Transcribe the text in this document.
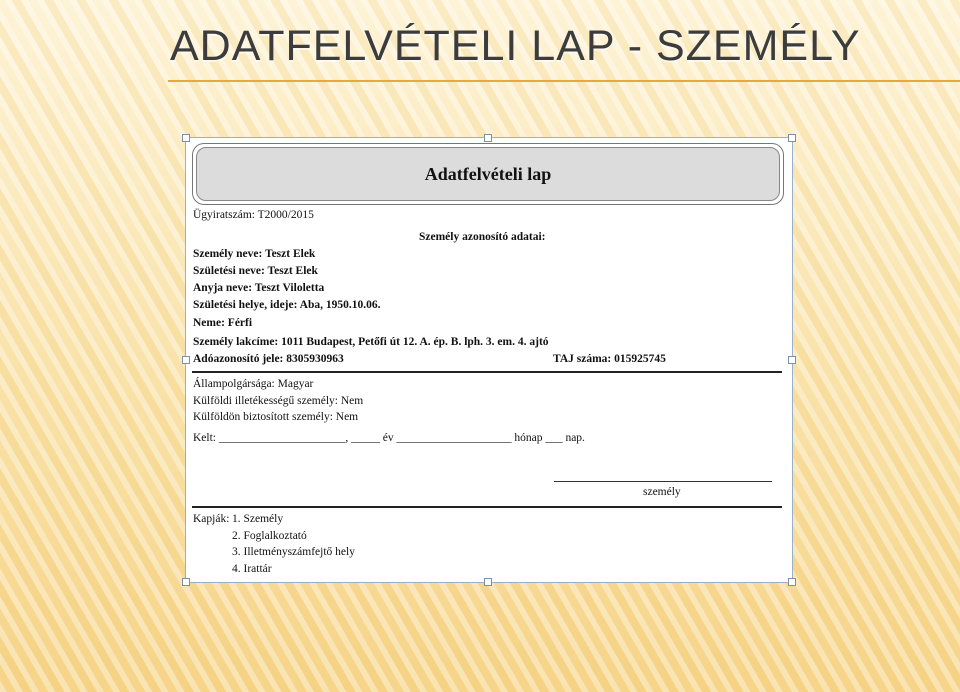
ADATFELVÉTELI LAP - SZEMÉLY
Adatfelvételi lap
Ügyiratszám: T2000/2015
Személy azonosító adatai:
Személy neve: Teszt Elek
Születési neve: Teszt Elek
Anyja neve: Teszt Viloletta
Születési helye, ideje: Aba, 1950.10.06.
Neme: Férfi
Személy lakcíme: 1011 Budapest, Petőfi út 12. A. ép. B. lph. 3. em. 4. ajtó
Adóazonosító jele: 8305930963	TAJ száma: 015925745
Állampolgársága: Magyar
Külföldi illetékességű személy: Nem
Külföldön biztosított személy: Nem
Kelt: ______________________, _____ év ____________________ hónap ___ nap.
személy
Kapják: 1. Személy
2. Foglalkoztató
3. Illetményszámfejtő hely
4. Irattár
